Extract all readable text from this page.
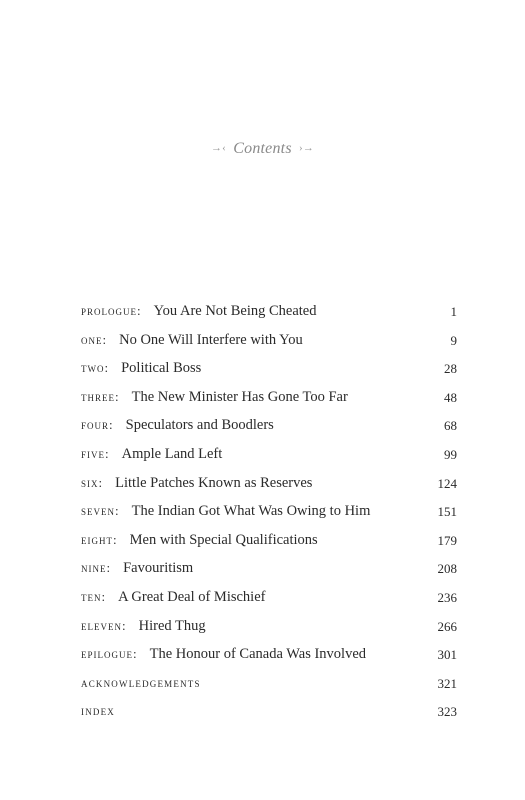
→‹ Contents ›→
prologue: You Are Not Being Cheated	1
one: No One Will Interfere with You	9
two: Political Boss	28
three: The New Minister Has Gone Too Far	48
four: Speculators and Boodlers	68
five: Ample Land Left	99
six: Little Patches Known as Reserves	124
seven: The Indian Got What Was Owing to Him	151
eight: Men with Special Qualifications	179
nine: Favouritism	208
ten: A Great Deal of Mischief	236
eleven: Hired Thug	266
epilogue: The Honour of Canada Was Involved	301
acknowledgements	321
index	323
